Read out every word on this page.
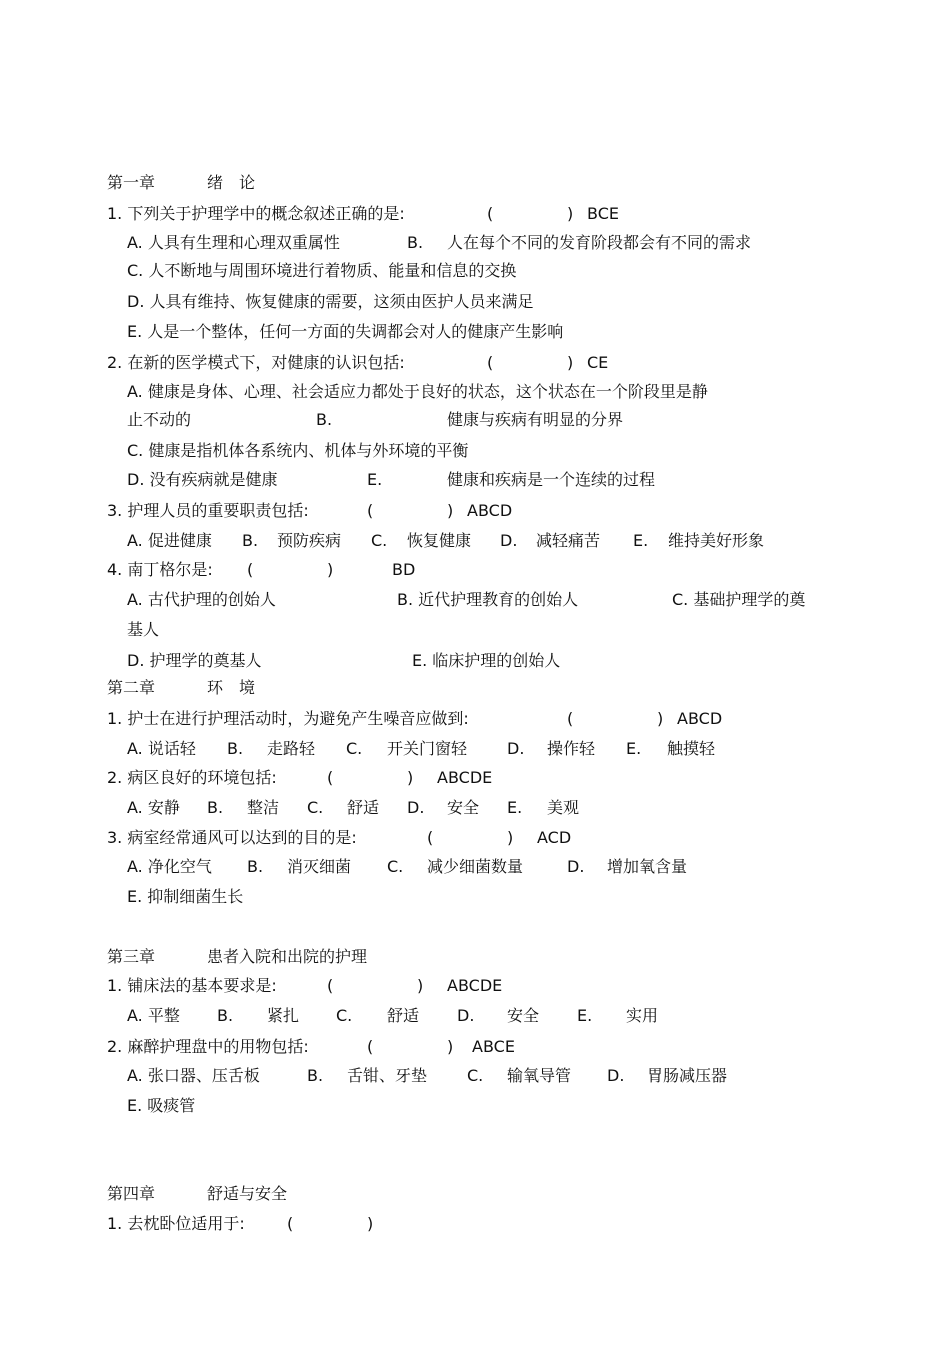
第一章	绪　论
1. 下列关于护理学中的概念叙述正确的是:	(	) BCE
A. 人具有生理和心理双重属性	B. 人在每个不同的发育阶段都会有不同的需求
C. 人不断地与周围环境进行着物质、能量和信息的交换
D. 人具有维持、恢复健康的需要，这须由医护人员来满足
E. 人是一个整体，任何一方面的失调都会对人的健康产生影响
2. 在新的医学模式下，对健康的认识包括:	(	) CE
A. 健康是身体、心理、社会适应力都处于良好的状态，这个状态在一个阶段里是静
止不动的	B.	健康与疾病有明显的分界
C. 健康是指机体各系统内、机体与外环境的平衡
D. 没有疾病就是健康	E.	健康和疾病是一个连续的过程
3. 护理人员的重要职责包括:	(	) ABCD
A. 促进健康 B. 预防疾病 C. 恢复健康 D. 减轻痛苦 E. 维持美好形象
4. 南丁格尔是: (	)	BD
A. 古代护理的创始人	B. 近代护理教育的创始人	C. 基础护理学的奠
基人
D. 护理学的奠基人	E. 临床护理的创始人
第二章	环　境
1. 护士在进行护理活动时，为避免产生噪音应做到:	(	) ABCD
A. 说话轻 B. 走路轻 C. 开关门窗轻 D. 操作轻 E. 触摸轻
2. 病区良好的环境包括:	(	) ABCDE
A. 安静 B. 整洁 C. 舒适 D. 安全 E. 美观
3. 病室经常通风可以达到的目的是:	(	) ACD
A. 净化空气 B. 消灭细菌 C. 减少细菌数量	D. 增加氧含量
E. 抑制细菌生长
第三章	患者入院和出院的护理
1. 铺床法的基本要求是:	(	) ABCDE
A. 平整 B. 紧扎 C. 舒适 D. 安全 E. 实用
2. 麻醉护理盘中的用物包括:	(	) ABCE
A. 张口器、压舌板	B. 舌钳、牙垫 C. 输氧导管 D. 胃肠减压器
E. 吸痰管
第四章	舒适与安全
1. 去枕卧位适用于:	(	)
